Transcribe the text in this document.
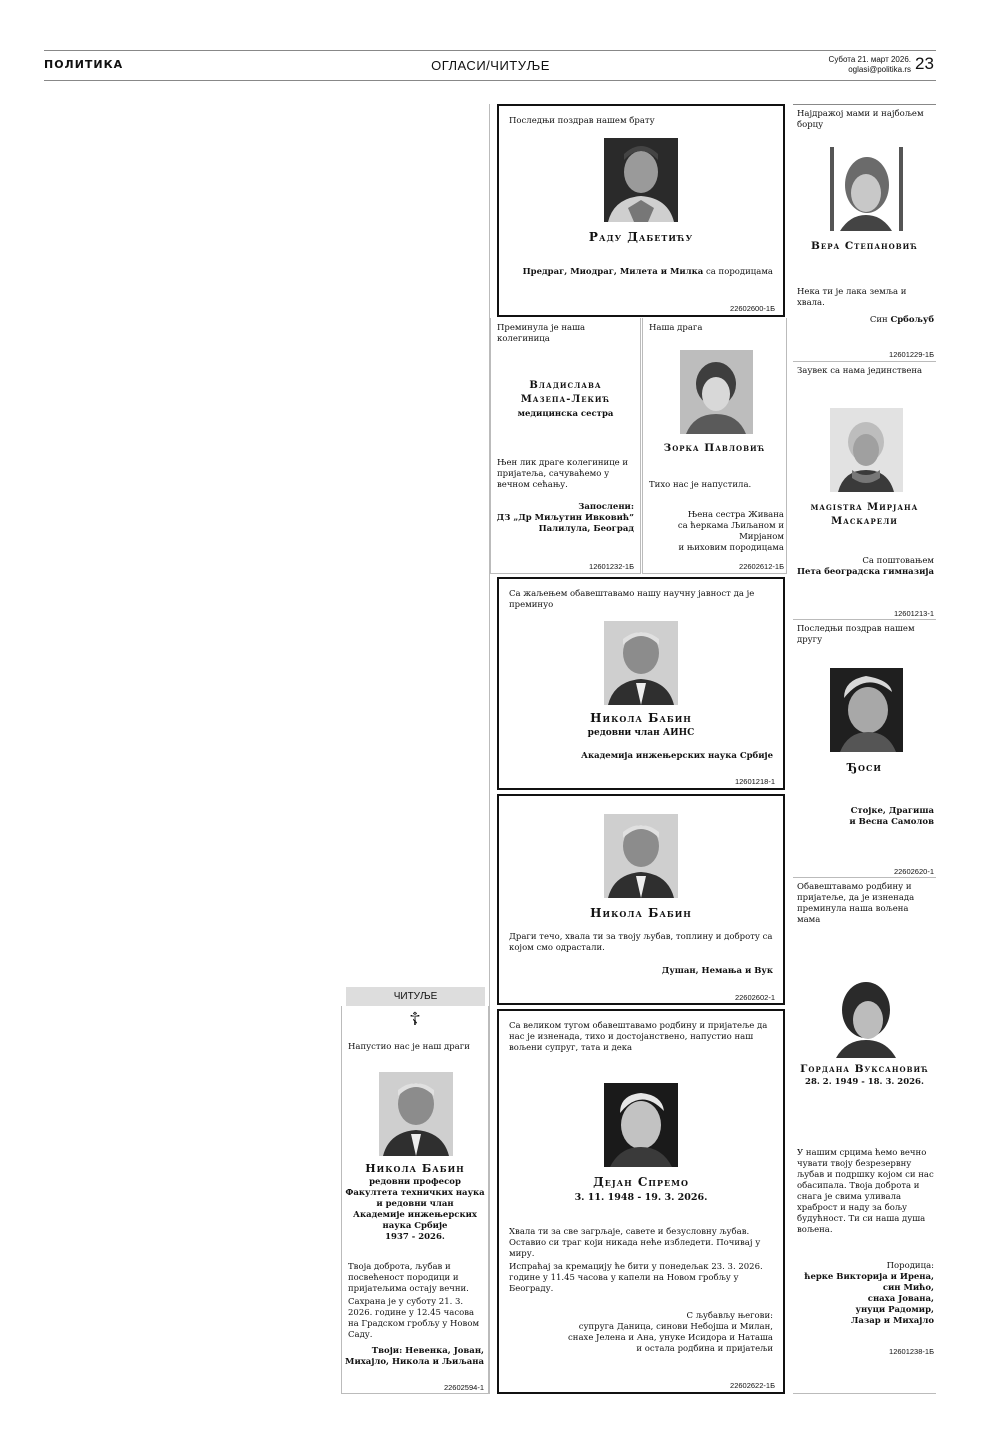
ПОЛИТИКА	ОГЛАСИ/ЧИТУЉЕ	Субота 21. март 2026.
oglasi@politika.rs 23
Последњи поздрав нашем брату
Раду Дабетићу
Предраг, Миодраг, Милета и Милка са породицама
22602600-1Б
Најдражој мами и најбољем борцу
Вера Степановић
Нека ти је лака земља и хвала.
Син Србољуб
12601229-1Б
Преминула је наша колегиница
Владислава
Мазепа-Лекић
медицинска сестра
Њен лик драге колегинице и пријатеља, сачуваћемо у вечном сећању.
Запослени:
ДЗ „Др Миљутин Ивковић”
Палилула, Београд
12601232-1Б
Наша драга
Зорка Павловић
Тихо нас је напустила.
Њена сестра Живана
са ћеркама Љиљаном и Мирјаном
и њиховим породицама
22602612-1Б
Заувек са нама јединствена
magistra Мирјана
Маскарели
Са поштовањем
Пета београдска гимназија
12601213-1
Са жаљењем обавештавамо нашу научну јавност да је преминуо
Никола Бабин
редовни члан АИНС
Академија инжењерских наука Србије
12601218-1
Последњи поздрав нашем другу
Ђоси
Стојке, Драгиша
и Весна Самолов
22602620-1
Никола Бабин
Драги течо, хвала ти за твоју љубав, топлину и доброту са којом смо одрастали.
Душан, Немања и Вук
22602602-1
Обавештавамо родбину и пријатеље, да је изненада преминула наша вољена мама
Гордана Вуксановић
28. 2. 1949 - 18. 3. 2026.
У нашим срцима ћемо вечно чувати твоју безрезервну љубав и подршку којом си нас обасипала. Твоја доброта и снага је свима уливала храброст и наду за бољу будућност. Ти си наша душа вољена.
Породица:
ћерке Викторија и Ирена,
син Мићо,
снаха Јована,
унуци Радомир,
Лазар и Михајло
12601238-1Б
ЧИТУЉЕ
☦
Напустио нас је наш драги
Никола Бабин
редовни професор
Факултета техничких наука
и редовни члан
Академије инжењерских
наука Србије
1937 - 2026.
Твоја доброта, љубав и посвећеност породици и пријатељима остају вечни.
Сахрана је у суботу 21. 3. 2026. године у 12.45 часова на Градском гробљу у Новом Саду.
Твоји: Невенка, Јован,
Михајло, Никола и Љиљана
22602594-1
Са великом тугом обавештавамо родбину и пријатеље да нас је изненада, тихо и достојанствено, напустио наш вољени супруг, тата и дека
Дејан Спремо
3. 11. 1948 - 19. 3. 2026.
Хвала ти за све загрљаје, савете и безусловну љубав. Оставио си траг који никада неће избледети. Почивај у миру.
Испраћај за кремацију ће бити у понедељак 23. 3. 2026. године у 11.45 часова у капели на Новом гробљу у Београду.
С љубављу његови:
супруга Даница, синови Небојша и Милан,
снахе Јелена и Ана, унуке Исидора и Наташа
и остала родбина и пријатељи
22602622-1Б
